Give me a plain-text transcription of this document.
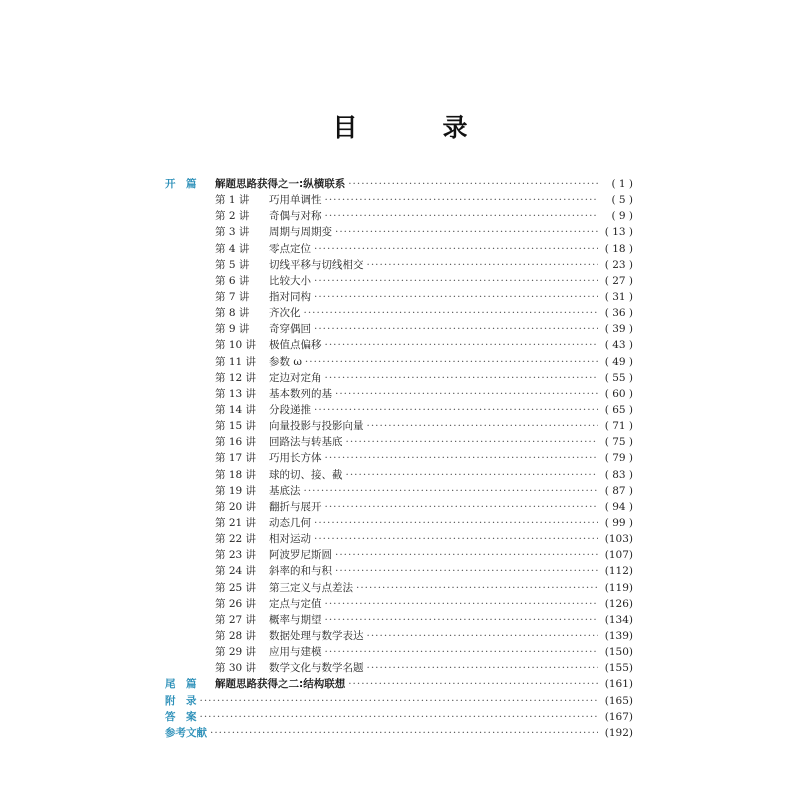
目　录
开　篇	解题思路获得之一:纵横联系 ·····	( 1 )
第 1 讲	巧用单调性 ·····	( 5 )
第 2 讲	奇偶与对称 ·····	( 9 )
第 3 讲	周期与周期变 ·····	( 13 )
第 4 讲	零点定位 ·····	( 18 )
第 5 讲	切线平移与切线相交 ·····	( 23 )
第 6 讲	比较大小 ·····	( 27 )
第 7 讲	指对同构 ·····	( 31 )
第 8 讲	齐次化 ·····	( 36 )
第 9 讲	奇穿偶回 ·····	( 39 )
第 10 讲	极值点偏移 ·····	( 43 )
第 11 讲	参数 ω ·····	( 49 )
第 12 讲	定边对定角 ·····	( 55 )
第 13 讲	基本数列的基 ·····	( 60 )
第 14 讲	分段递推 ·····	( 65 )
第 15 讲	向量投影与投影向量 ·····	( 71 )
第 16 讲	回路法与转基底 ·····	( 75 )
第 17 讲	巧用长方体 ·····	( 79 )
第 18 讲	球的切、接、截 ·····	( 83 )
第 19 讲	基底法 ·····	( 87 )
第 20 讲	翻折与展开 ·····	( 94 )
第 21 讲	动态几何 ·····	( 99 )
第 22 讲	相对运动 ·····	(103)
第 23 讲	阿波罗尼斯圆 ·····	(107)
第 24 讲	斜率的和与积 ·····	(112)
第 25 讲	第三定义与点差法 ·····	(119)
第 26 讲	定点与定值 ·····	(126)
第 27 讲	概率与期望 ·····	(134)
第 28 讲	数据处理与数学表达 ·····	(139)
第 29 讲	应用与建模 ·····	(150)
第 30 讲	数学文化与数学名题 ·····	(155)
尾　篇	解题思路获得之二:结构联想 ·····	(161)
附　录 ·····	(165)
答　案 ·····	(167)
参考文献 ·····	(192)
